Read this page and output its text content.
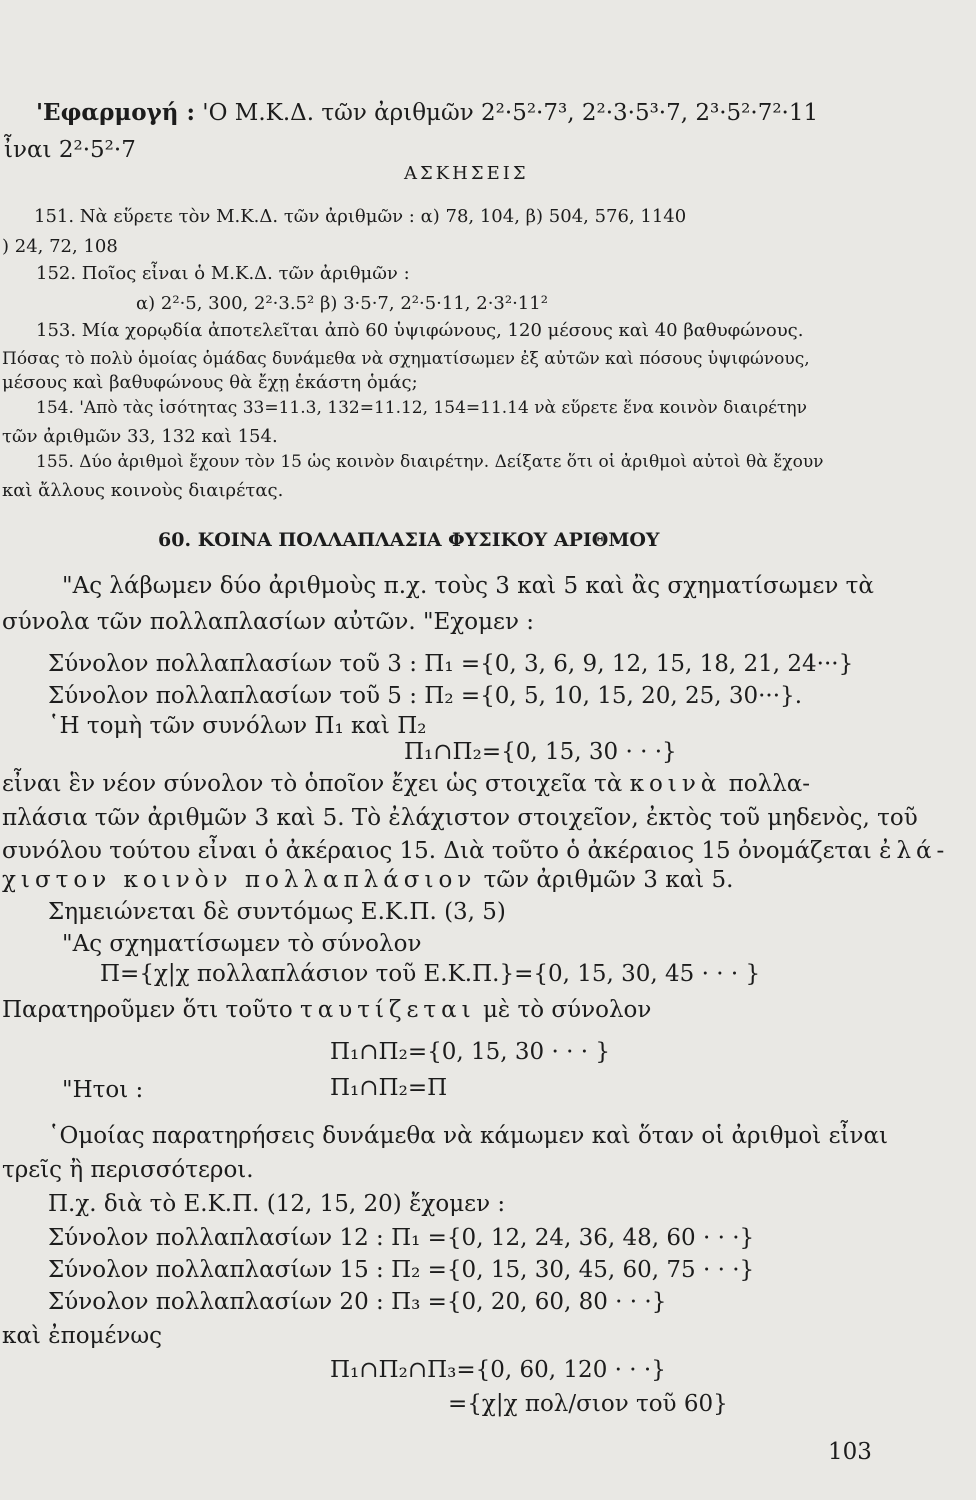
'Εφαρμογή : 'Ο Μ.Κ.Δ. τῶν ἀριθμῶν 2²·5²·7³, 2²·3·5³·7, 2³·5²·7²·11
ἶναι 2²·5²·7
ΑΣΚΗΣΕΙΣ
151. Νὰ εὕρετε τὸν Μ.Κ.Δ. τῶν ἀριθμῶν : α) 78, 104, β) 504, 576, 1140
) 24, 72, 108
152. Ποῖος εἶναι ὁ Μ.Κ.Δ. τῶν ἀριθμῶν :
α) 2²·5, 300, 2²·3.5² β) 3·5·7, 2²·5·11, 2·3²·11²
153. Μία χορῳδία ἀποτελεῖται ἀπὸ 60 ὑψιφώνους, 120 μέσους καὶ 40 βαθυφώνους.
Πόσας τὸ πολὺ ὁμοίας ὁμάδας δυνάμεθα νὰ σχηματίσωμεν ἐξ αὐτῶν καὶ πόσους ὑψιφώνους,
μέσους καὶ βαθυφώνους θὰ ἔχῃ ἑκάστη ὁμάς;
154. 'Απὸ τὰς ἰσότητας 33=11.3, 132=11.12, 154=11.14 νὰ εὕρετε ἕνα κοινὸν διαιρέτην
τῶν ἀριθμῶν 33, 132 καὶ 154.
155. Δύο ἀριθμοὶ ἔχουν τὸν 15 ὡς κοινὸν διαιρέτην. Δείξατε ὅτι οἱ ἀριθμοὶ αὐτοὶ θὰ ἔχουν
καὶ ἄλλους κοινοὺς διαιρέτας.
60. ΚΟΙΝΑ ΠΟΛΛΑΠΛΑΣΙΑ ΦΥΣΙΚΟΥ ΑΡΙΘΜΟΥ
"Ας λάβωμεν δύο ἀριθμοὺς π.χ. τοὺς 3 καὶ 5 καὶ ἂς σχηματίσωμεν τὰ
σύνολα τῶν πολλαπλασίων αὐτῶν. "Εχομεν :
Σύνολον πολλαπλασίων τοῦ 3 : Π₁ ={0, 3, 6, 9, 12, 15, 18, 21, 24···}
Σύνολον πολλαπλασίων τοῦ 5 : Π₂ ={0, 5, 10, 15, 20, 25, 30···}.
῾Η τομὴ τῶν συνόλων Π₁ καὶ Π₂
Π₁∩Π₂={0, 15, 30 · · ·}
εἶναι ἓν νέον σύνολον τὸ ὁποῖον ἔχει ὡς στοιχεῖα τὰ κοινὰ πολλα-
πλάσια τῶν ἀριθμῶν 3 καὶ 5. Τὸ ἐλάχιστον στοιχεῖον, ἐκτὸς τοῦ μηδενὸς, τοῦ
συνόλου τούτου εἶναι ὁ ἀκέραιος 15. Διὰ τοῦτο ὁ ἀκέραιος 15 ὀνομάζεται ἐλά-
χιστον κοινὸν πολλαπλάσιον τῶν ἀριθμῶν 3 καὶ 5.
Σημειώνεται δὲ συντόμως Ε.Κ.Π. (3, 5)
"Ας σχηματίσωμεν τὸ σύνολον
Π={χ|χ πολλαπλάσιον τοῦ Ε.Κ.Π.}={0, 15, 30, 45 · · · }
Παρατηροῦμεν ὅτι τοῦτο ταυτίζεται μὲ τὸ σύνολον
Π₁∩Π₂={0, 15, 30 · · · }
"Ητοι :	Π₁∩Π₂=Π
῾Ομοίας παρατηρήσεις δυνάμεθα νὰ κάμωμεν καὶ ὅταν οἱ ἀριθμοὶ εἶναι
τρεῖς ἢ περισσότεροι.
Π.χ. διὰ τὸ Ε.Κ.Π. (12, 15, 20) ἔχομεν :
Σύνολον πολλαπλασίων 12 : Π₁ ={0, 12, 24, 36, 48, 60 · · ·}
Σύνολον πολλαπλασίων 15 : Π₂ ={0, 15, 30, 45, 60, 75 · · ·}
Σύνολον πολλαπλασίων 20 : Π₃ ={0, 20, 60, 80 · · ·}
καὶ ἐπομένως
Π₁∩Π₂∩Π₃={0, 60, 120 · · ·}
={χ|χ πολ/σιον τοῦ 60}
103
